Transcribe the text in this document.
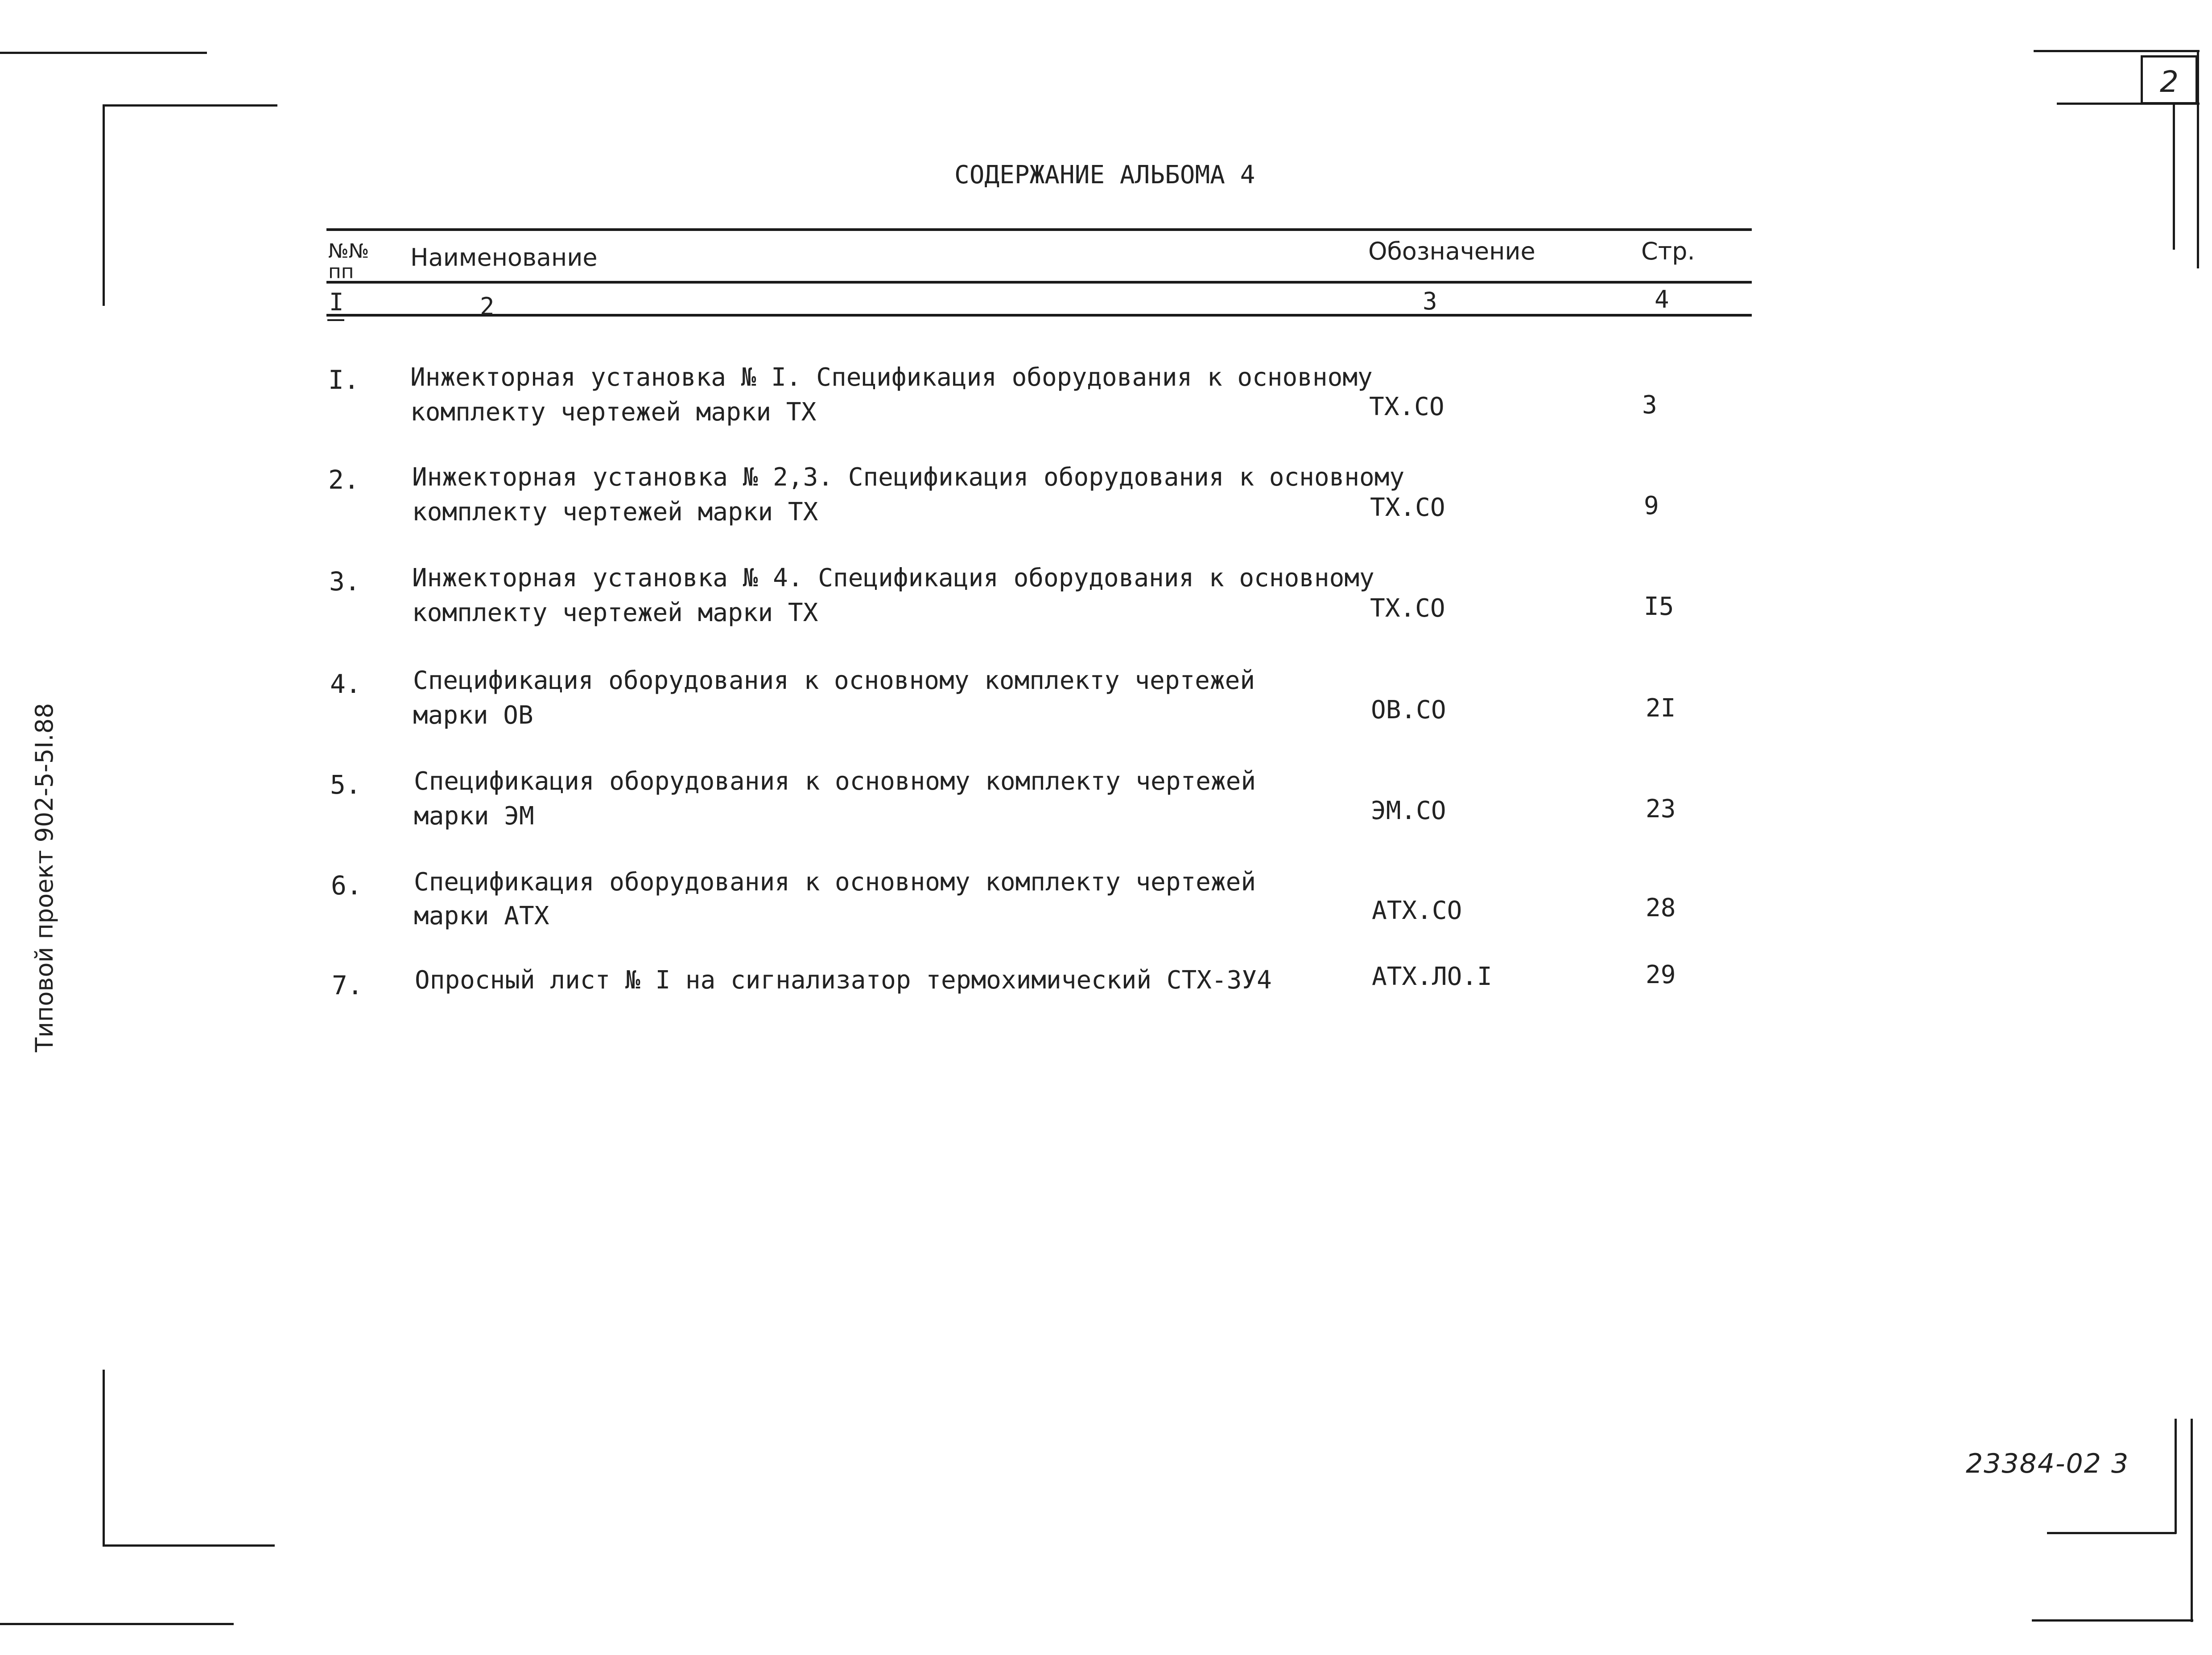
2
СОДЕРЖАНИЕ АЛЬБОМА 4
№№
пп
Наименование	Обозначение	Стр.
I	2	3	4
I. Инжекторная установка № I. Спецификация оборудования к основному
комплекту чертежей марки ТХ	ТХ.СО	3
2. Инжекторная установка № 2,3. Спецификация оборудования к основному
комплекту чертежей марки ТХ	ТХ.СО	9
3. Инжекторная установка № 4. Спецификация оборудования к основному
комплекту чертежей марки ТХ	ТХ.СО	I5
4. Спецификация оборудования к основному комплекту чертежей
марки ОВ	ОВ.СО	2I
5. Спецификация оборудования к основному комплекту чертежей
марки ЭМ	ЭМ.СО	23
6. Спецификация оборудования к основному комплекту чертежей
марки АТХ	АТХ.СО	28
7. Опросный лист № I на сигнализатор термохимический СТХ-3У4	АТХ.ЛО.I	29
Типовой проект 902-5-5I.88
23384-02 3
